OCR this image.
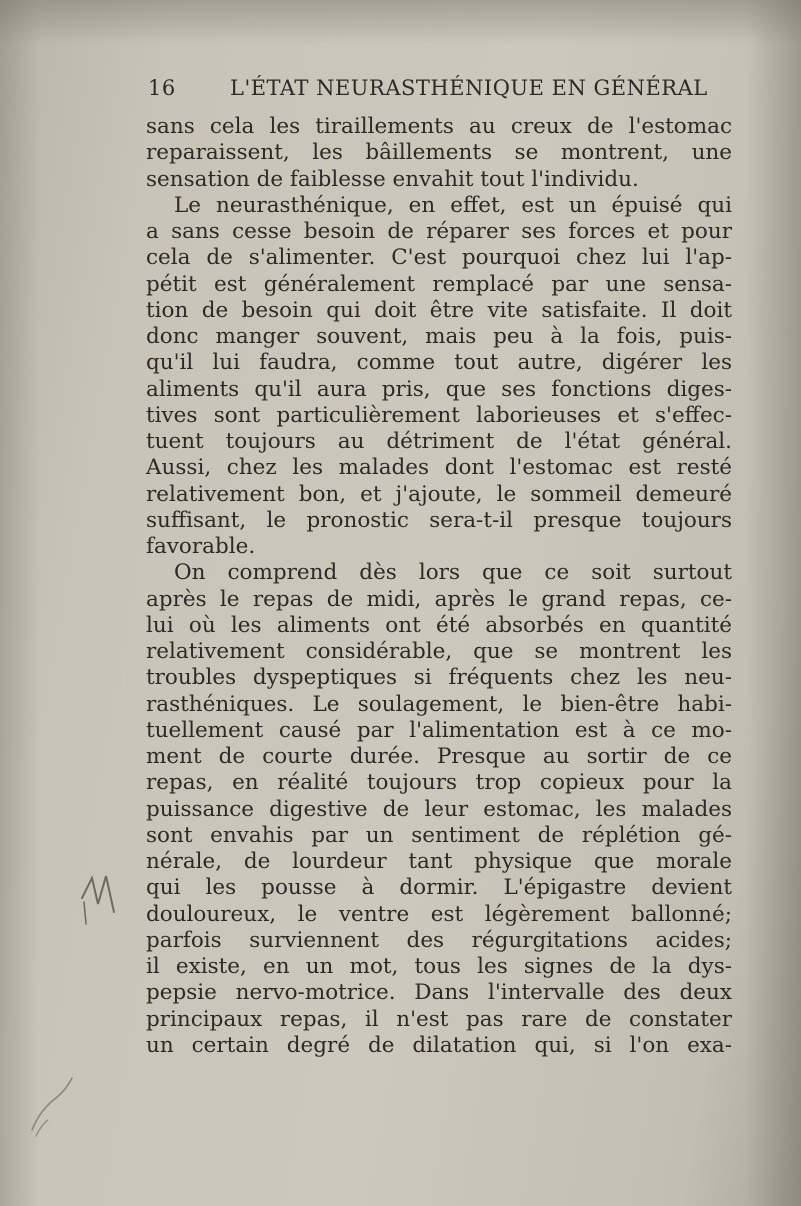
16	L'ÉTAT NEURASTHÉNIQUE EN GÉNÉRAL
sans cela les tiraillements au creux de l'estomac
reparaissent, les bâillements se montrent, une
sensation de faiblesse envahit tout l'individu.
Le neurasthénique, en effet, est un épuisé qui
a sans cesse besoin de réparer ses forces et pour
cela de s'alimenter. C'est pourquoi chez lui l'ap-
pétit est généralement remplacé par une sensa-
tion de besoin qui doit être vite satisfaite. Il doit
donc manger souvent, mais peu à la fois, puis-
qu'il lui faudra, comme tout autre, digérer les
aliments qu'il aura pris, que ses fonctions diges-
tives sont particulièrement laborieuses et s'effec-
tuent toujours au détriment de l'état général.
Aussi, chez les malades dont l'estomac est resté
relativement bon, et j'ajoute, le sommeil demeuré
suffisant, le pronostic sera-t-il presque toujours
favorable.
On comprend dès lors que ce soit surtout
après le repas de midi, après le grand repas, ce-
lui où les aliments ont été absorbés en quantité
relativement considérable, que se montrent les
troubles dyspeptiques si fréquents chez les neu-
rasthéniques. Le soulagement, le bien-être habi-
tuellement causé par l'alimentation est à ce mo-
ment de courte durée. Presque au sortir de ce
repas, en réalité toujours trop copieux pour la
puissance digestive de leur estomac, les malades
sont envahis par un sentiment de réplétion gé-
nérale, de lourdeur tant physique que morale
qui les pousse à dormir. L'épigastre devient
douloureux, le ventre est légèrement ballonné;
parfois surviennent des régurgitations acides;
il existe, en un mot, tous les signes de la dys-
pepsie nervo-motrice. Dans l'intervalle des deux
principaux repas, il n'est pas rare de constater
un certain degré de dilatation qui, si l'on exa-
